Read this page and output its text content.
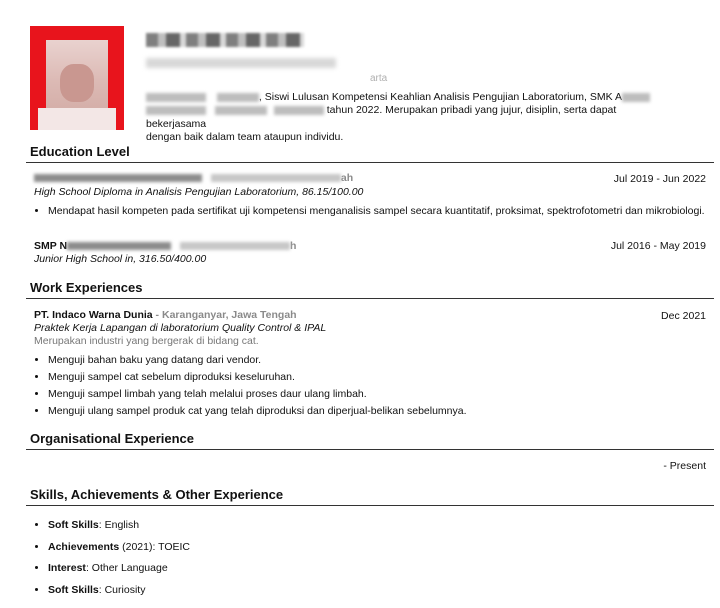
arta
, Siswi Lulusan Kompetensi Keahlian Analisis Pengujian Laboratorium, SMK A
tahun 2022. Merupakan pribadi yang jujur, disiplin, serta dapat bekerjasama
dengan baik dalam team ataupun individu.
Education Level
ah	Jul 2019 - Jun 2022
High School Diploma in Analisis Pengujian Laboratorium, 86.15/100.00
• Mendapat hasil kompeten pada sertifikat uji kompetensi menganalisis sampel secara kuantitatif, proksimat, spektrofotometri dan mikrobiologi.
SMP N	h	Jul 2016 - May 2019
Junior High School in, 316.50/400.00
Work Experiences
PT. Indaco Warna Dunia - Karanganyar, Jawa Tengah	Dec 2021
Praktek Kerja Lapangan di laboratorium Quality Control & IPAL
Merupakan industri yang bergerak di bidang cat.
• Menguji bahan baku yang datang dari vendor.
• Menguji sampel cat sebelum diproduksi keseluruhan.
• Menguji sampel limbah yang telah melalui proses daur ulang limbah.
• Menguji ulang sampel produk cat yang telah diproduksi dan diperjual-belikan sebelumnya.
Organisational Experience
- Present
Skills, Achievements & Other Experience
• Soft Skills: English
• Achievements (2021): TOEIC
• Interest: Other Language
• Soft Skills: Curiosity
